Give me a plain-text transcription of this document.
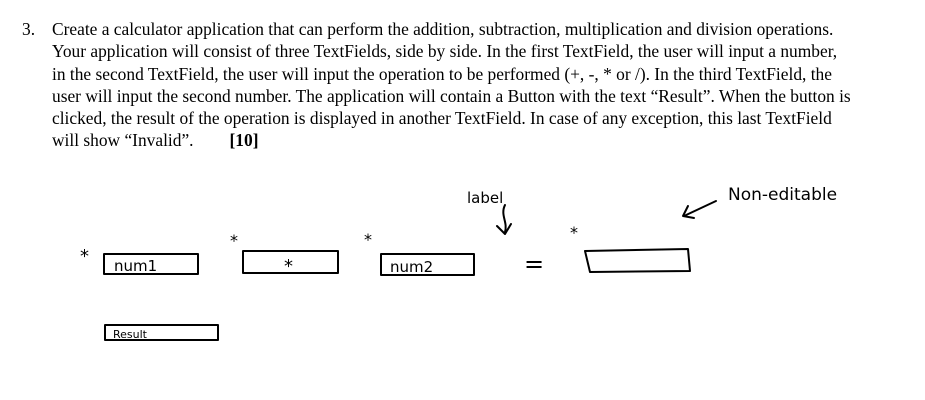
3. Create a calculator application that can perform the addition, subtraction, multiplication and division operations. Your application will consist of three TextFields, side by side. In the first TextField, the user will input a number, in the second TextField, the user will input the operation to be performed (+, -, * or /). In the third TextField, the user will input the second number. The application will contain a Button with the text “Result”. When the button is clicked, the result of the operation is displayed in another TextField. In case of any exception, this last TextField will show “Invalid”. [10]
num1	*	num2	=
Result
*
*	*	*
label	Non-editable
